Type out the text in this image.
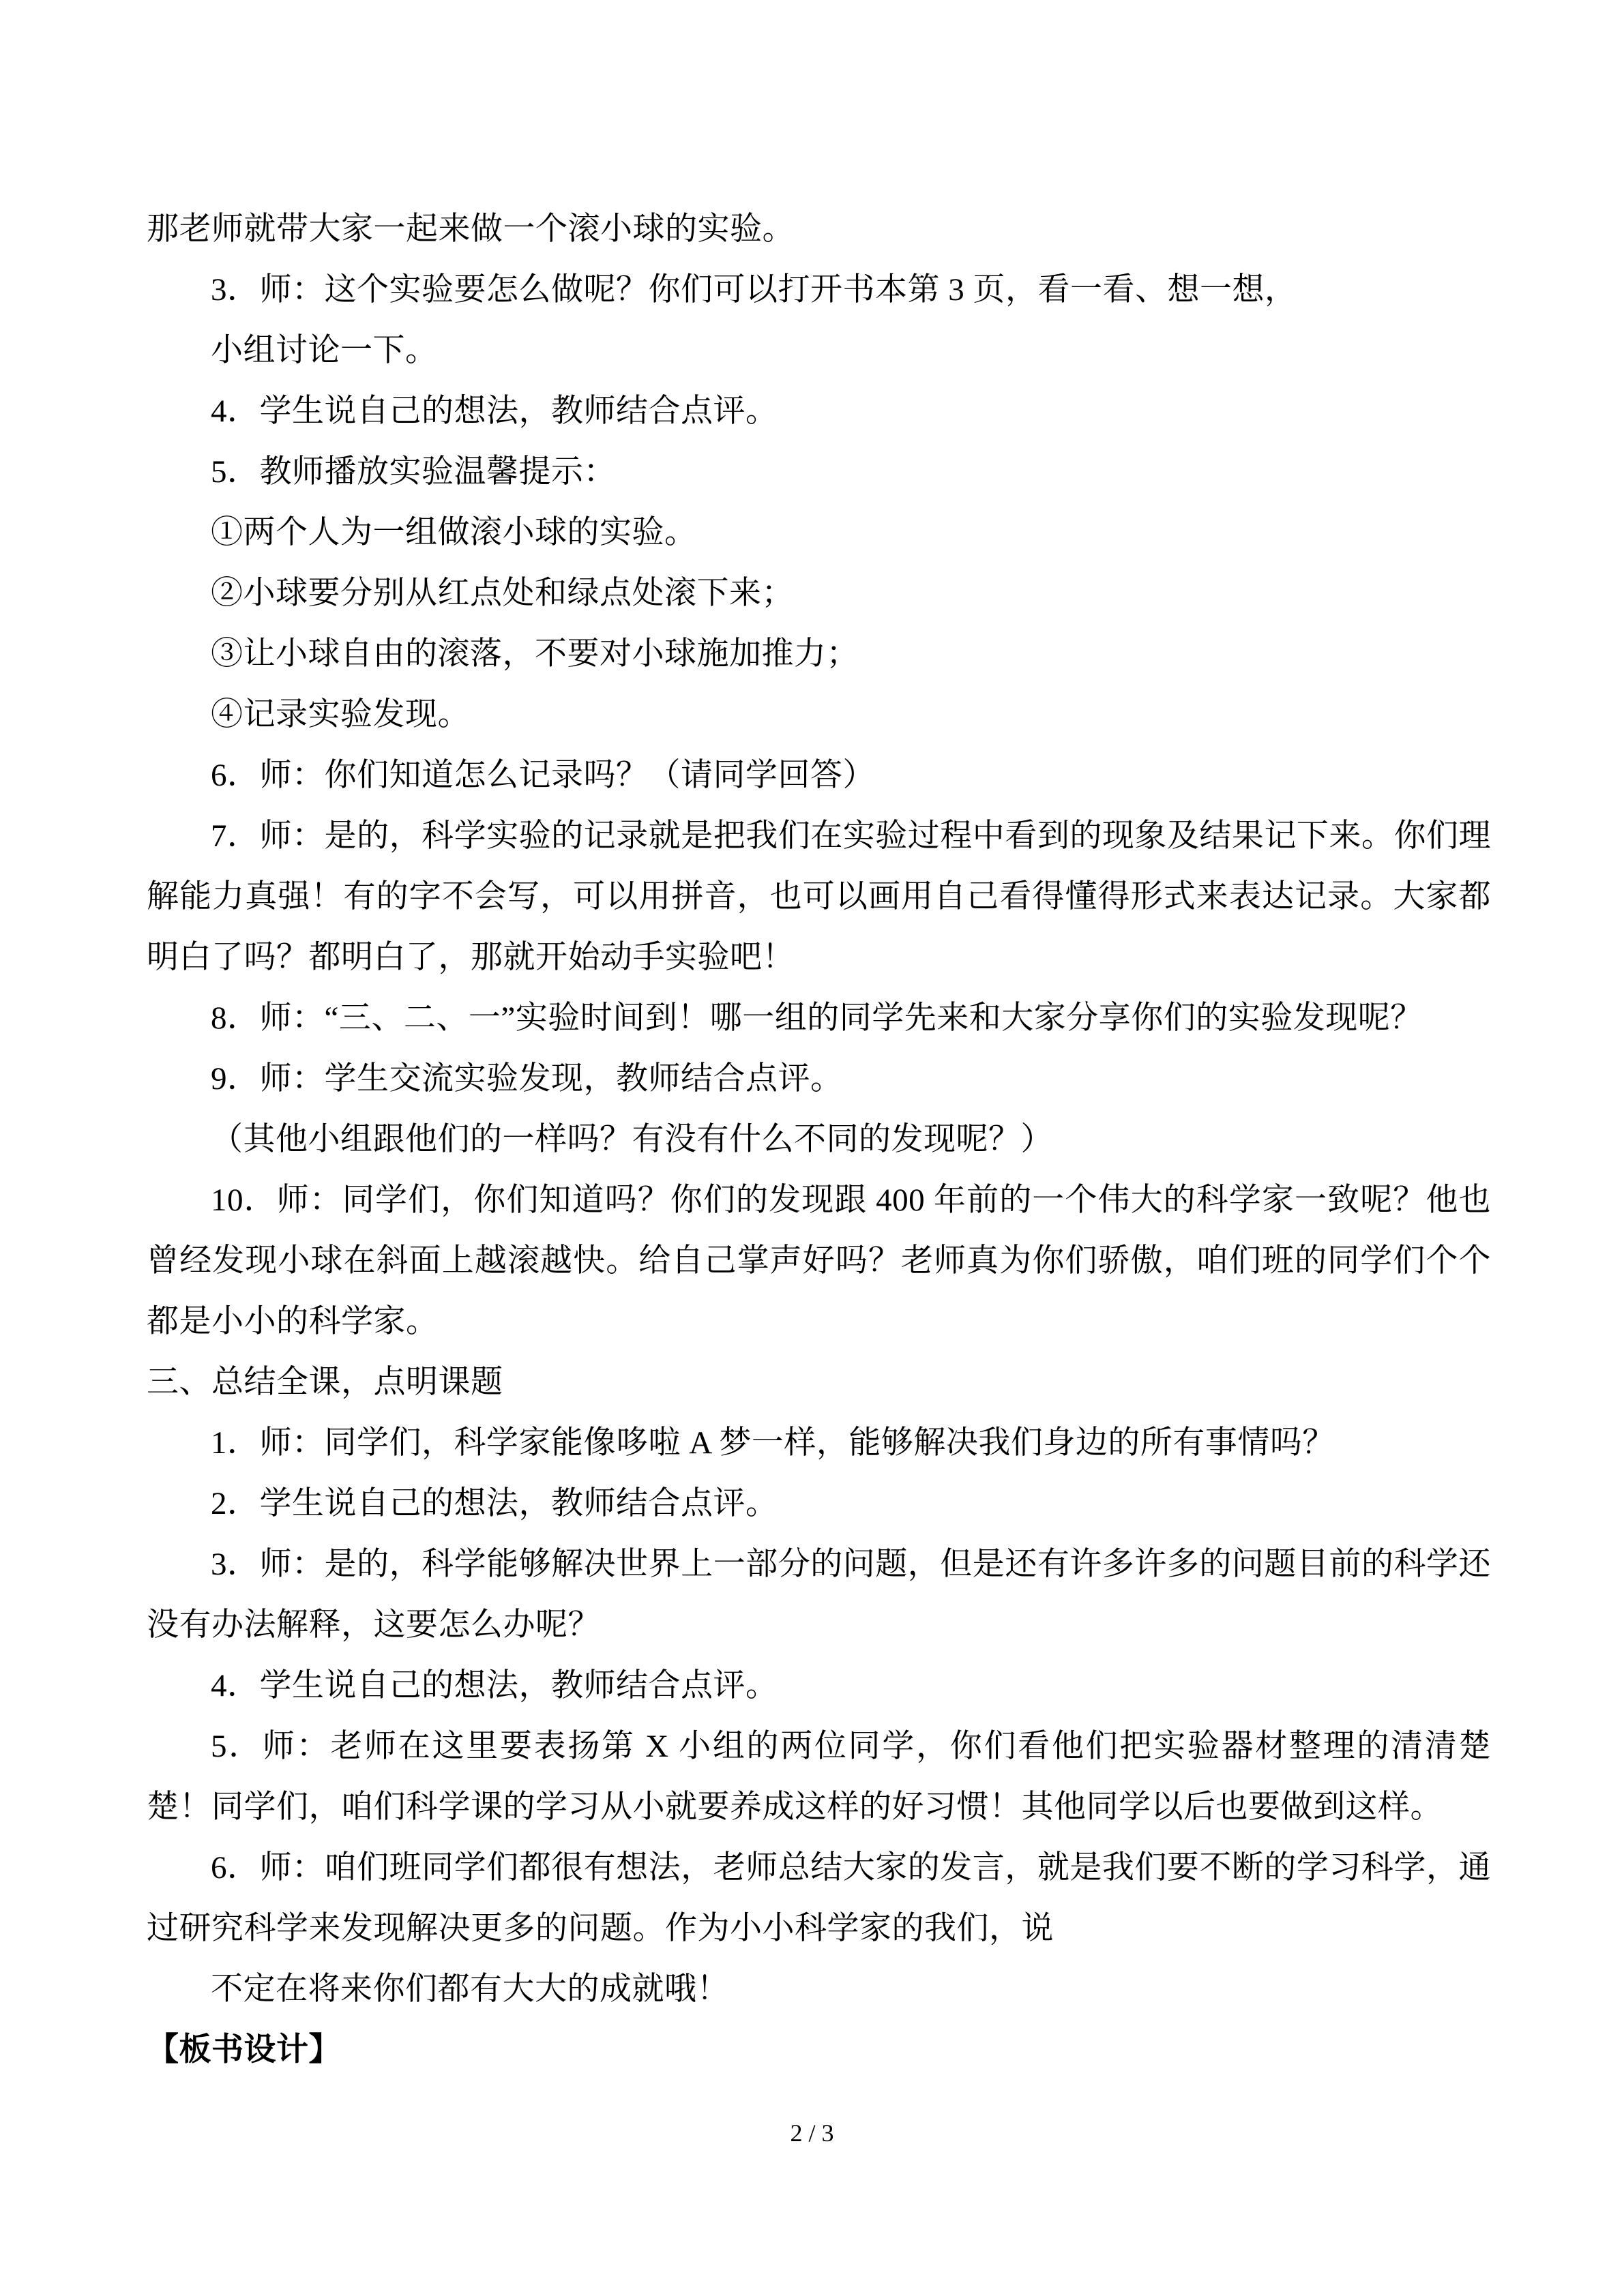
那老师就带大家一起来做一个滚小球的实验。

3．师：这个实验要怎么做呢？你们可以打开书本第 3 页，看一看、想一想，

小组讨论一下。

4．学生说自己的想法，教师结合点评。

5．教师播放实验温馨提示：

①两个人为一组做滚小球的实验。

②小球要分别从红点处和绿点处滚下来；

③让小球自由的滚落，不要对小球施加推力；

④记录实验发现。

6．师：你们知道怎么记录吗？（请同学回答）

7．师：是的，科学实验的记录就是把我们在实验过程中看到的现象及结果记下来。你们理解能力真强！有的字不会写，可以用拼音，也可以画用自己看得懂得形式来表达记录。大家都明白了吗？都明白了，那就开始动手实验吧！

8．师：“三、二、一”实验时间到！哪一组的同学先来和大家分享你们的实验发现呢？

9．师：学生交流实验发现，教师结合点评。

（其他小组跟他们的一样吗？有没有什么不同的发现呢？）

10．师：同学们，你们知道吗？你们的发现跟 400 年前的一个伟大的科学家一致呢？他也曾经发现小球在斜面上越滚越快。给自己掌声好吗？老师真为你们骄傲，咱们班的同学们个个都是小小的科学家。

三、总结全课，点明课题

1．师：同学们，科学家能像哆啦 A 梦一样，能够解决我们身边的所有事情吗？

2．学生说自己的想法，教师结合点评。

3．师：是的，科学能够解决世界上一部分的问题，但是还有许多许多的问题目前的科学还没有办法解释，这要怎么办呢？

4．学生说自己的想法，教师结合点评。

5．师：老师在这里要表扬第 X 小组的两位同学，你们看他们把实验器材整理的清清楚楚！同学们，咱们科学课的学习从小就要养成这样的好习惯！其他同学以后也要做到这样。

6．师：咱们班同学们都很有想法，老师总结大家的发言，就是我们要不断的学习科学，通过研究科学来发现解决更多的问题。作为小小科学家的我们，说

不定在将来你们都有大大的成就哦！

【板书设计】

2 / 3
